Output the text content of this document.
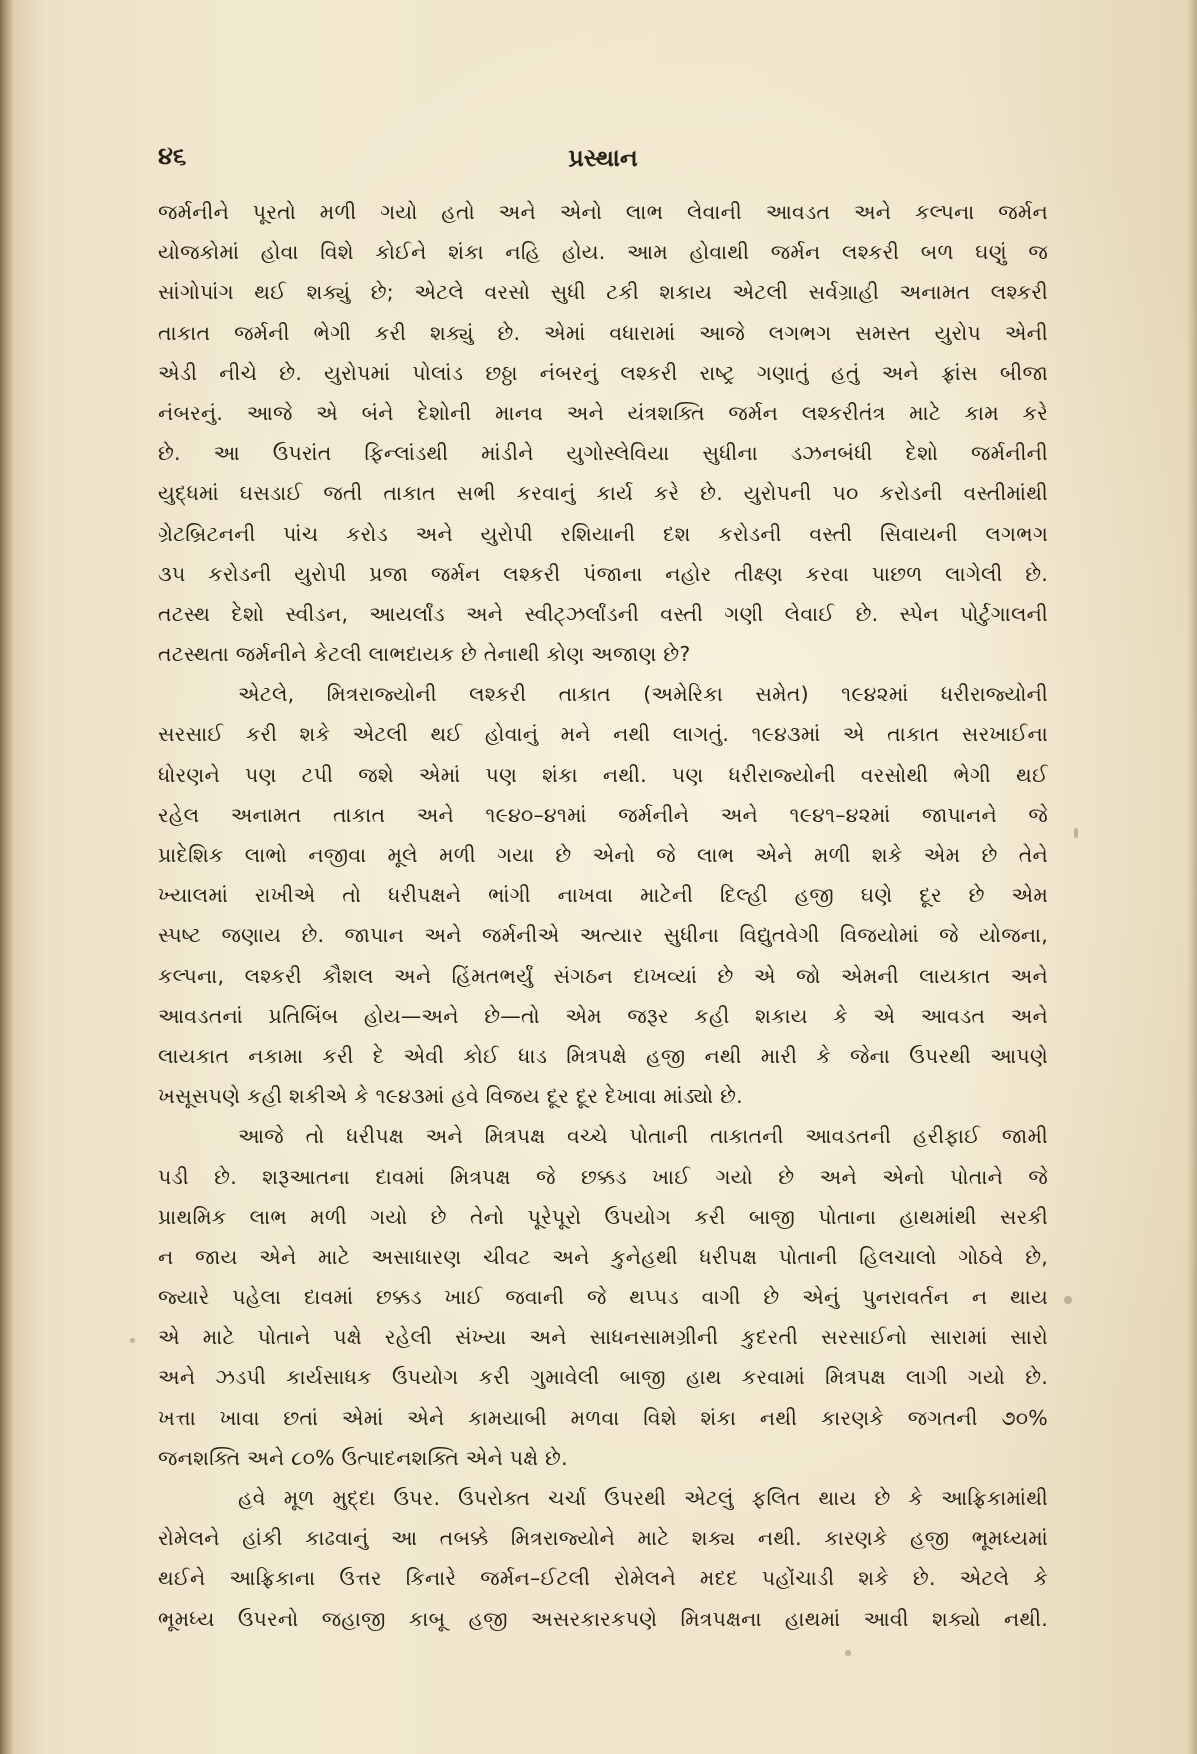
૪૬	પ્રસ્થાન
જર્મનીને પૂરતો મળી ગયો હતો અને એનો લાભ લેવાની આવડત અને કલ્પના જર્મન
યોજકોમાં હોવા વિશે કોઈને શંકા નહિ હોય. આમ હોવાથી જર્મન લશ્કરી બળ ઘણું જ
સાંગોપાંગ થઈ શક્યું છે; એટલે વરસો સુધી ટકી શકાય એટલી સર્વગ્રાહી અનામત લશ્કરી
તાકાત જર્મની ભેગી કરી શક્યું છે. એમાં વધારામાં આજે લગભગ સમસ્ત યુરોપ એની
એડી નીચે છે. યુરોપમાં પોલાંડ છઠ્ઠા નંબરનું લશ્કરી રાષ્ટ્ર ગણાતું હતું અને ફ્રાંસ બીજા
નંબરનું. આજે એ બંને દેશોની માનવ અને યંત્રશક્તિ જર્મન લશ્કરીતંત્ર માટે કામ કરે
છે. આ ઉપરાંત ફિન્લાંડથી માંડીને યુગોસ્લેવિયા સુધીના ડઝનબંધી દેશો જર્મનીની
યુદ્ધમાં ઘસડાઈ જતી તાકાત સભી કરવાનું કાર્ય કરે છે. યુરોપની ૫૦ કરોડની વસ્તીમાંથી
ગ્રેટબ્રિટનની પાંચ કરોડ અને યુરોપી રશિયાની દશ કરોડની વસ્તી સિવાયની લગભગ
૩૫ કરોડની યુરોપી પ્રજા જર્મન લશ્કરી પંજાના નહોર તીક્ષ્ણ કરવા પાછળ લાગેલી છે.
તટસ્થ દેશો સ્વીડન, આયર્લાંડ અને સ્વીટ્ઝર્લાંડની વસ્તી ગણી લેવાઈ છે. સ્પેન પોર્ટુગાલની
તટસ્થતા જર્મનીને કેટલી લાભદાયક છે તેનાથી કોણ અજાણ છે?
એટલે, મિત્રરાજ્યોની લશ્કરી તાકાત (અમેરિકા સમેત) ૧૯૪૨માં ધરીરાજ્યોની
સરસાઈ કરી શકે એટલી થઈ હોવાનું મને નથી લાગતું. ૧૯૪૩માં એ તાકાત સરખાઈના
ધોરણને પણ ટપી જશે એમાં પણ શંકા નથી. પણ ધરીરાજ્યોની વરસોથી ભેગી થઈ
રહેલ અનામત તાકાત અને ૧૯૪૦–૪૧માં જર્મનીને અને ૧૯૪૧–૪૨માં જાપાનને જે
પ્રાદેશિક લાભો નજીવા મૂલે મળી ગયા છે એનો જે લાભ એને મળી શકે એમ છે તેને
ખ્યાલમાં રાખીએ તો ધરીપક્ષને ભાંગી નાખવા માટેની દિલ્હી હજી ઘણે દૂર છે એમ
સ્પષ્ટ જણાય છે. જાપાન અને જર્મનીએ અત્યાર સુધીના વિદ્યુતવેગી વિજયોમાં જે યોજના,
કલ્પના, લશ્કરી કૌશલ અને હિંમતભર્યું સંગઠન દાખવ્યાં છે એ જો એમની લાયકાત અને
આવડતનાં પ્રતિબિંબ હોય—અને છે—તો એમ જરૂર કહી શકાય કે એ આવડત અને
લાયકાત નકામા કરી દે એવી કોઈ ધાડ મિત્રપક્ષે હજી નથી મારી કે જેના ઉપરથી આપણે
ખસૂસપણે કહી શકીએ કે ૧૯૪૩માં હવે વિજય દૂર દૂર દેખાવા માંડ્યો છે.
આજે તો ધરીપક્ષ અને મિત્રપક્ષ વચ્ચે પોતાની તાકાતની આવડતની હરીફાઈ જામી
પડી છે. શરૂઆતના દાવમાં મિત્રપક્ષ જે છક્કડ ખાઈ ગયો છે અને એનો પોતાને જે
પ્રાથમિક લાભ મળી ગયો છે તેનો પૂરેપૂરો ઉપયોગ કરી બાજી પોતાના હાથમાંથી સરકી
ન જાય એને માટે અસાધારણ ચીવટ અને કુનેહથી ધરીપક્ષ પોતાની હિલચાલો ગોઠવે છે,
જ્યારે પહેલા દાવમાં છક્કડ ખાઈ જવાની જે થપ્પડ વાગી છે એનું પુનરાવર્તન ન થાય
એ માટે પોતાને પક્ષે રહેલી સંખ્યા અને સાધનસામગ્રીની કુદરતી સરસાઈનો સારામાં સારો
અને ઝડપી કાર્યસાધક ઉપયોગ કરી ગુમાવેલી બાજી હાથ કરવામાં મિત્રપક્ષ લાગી ગયો છે.
ખત્તા ખાવા છતાં એમાં એને કામયાબી મળવા વિશે શંકા નથી કારણકે જગતની ૭૦%
જનશક્તિ અને ૮૦% ઉત્પાદનશક્તિ એને પક્ષે છે.
હવે મૂળ મુદ્દા ઉપર. ઉપરોક્ત ચર્ચા ઉપરથી એટલું ફલિત થાય છે કે આફ્રિકામાંથી
રોમેલને હાંકી કાઢવાનું આ તબક્કે મિત્રરાજ્યોને માટે શક્ય નથી. કારણકે હજી ભૂમધ્યમાં
થઈને આફ્રિકાના ઉત્તર કિનારે જર્મન–ઈટલી રોમેલને મદદ પહોંચાડી શકે છે. એટલે કે
ભૂમધ્ય ઉપરનો જહાજી કાબૂ હજી અસરકારકપણે મિત્રપક્ષના હાથમાં આવી શક્યો નથી.
